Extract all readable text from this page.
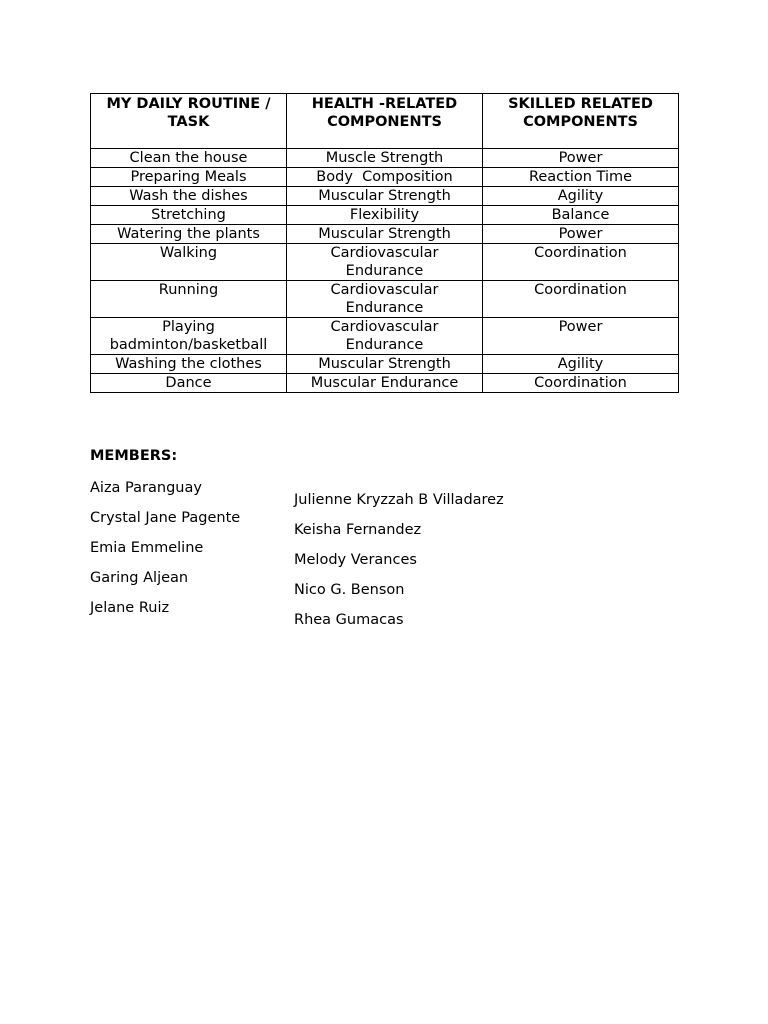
MY DAILY ROUTINE / TASK	HEALTH -RELATED COMPONENTS	SKILLED RELATED COMPONENTS
Clean the house	Muscle Strength	Power
Preparing Meals	Body  Composition	Reaction Time
Wash the dishes	Muscular Strength	Agility
Stretching	Flexibility	Balance
Watering the plants	Muscular Strength	Power
Walking	Cardiovascular Endurance	Coordination
Running	Cardiovascular Endurance	Coordination
Playing badminton/basketball	Cardiovascular Endurance	Power
Washing the clothes	Muscular Strength	Agility
Dance	Muscular Endurance	Coordination
MEMBERS:
Aiza Paranguay
Crystal Jane Pagente
Emia Emmeline
Garing Aljean
Jelane Ruiz
Julienne Kryzzah B Villadarez
Keisha Fernandez
Melody Verances
Nico G. Benson
Rhea Gumacas
